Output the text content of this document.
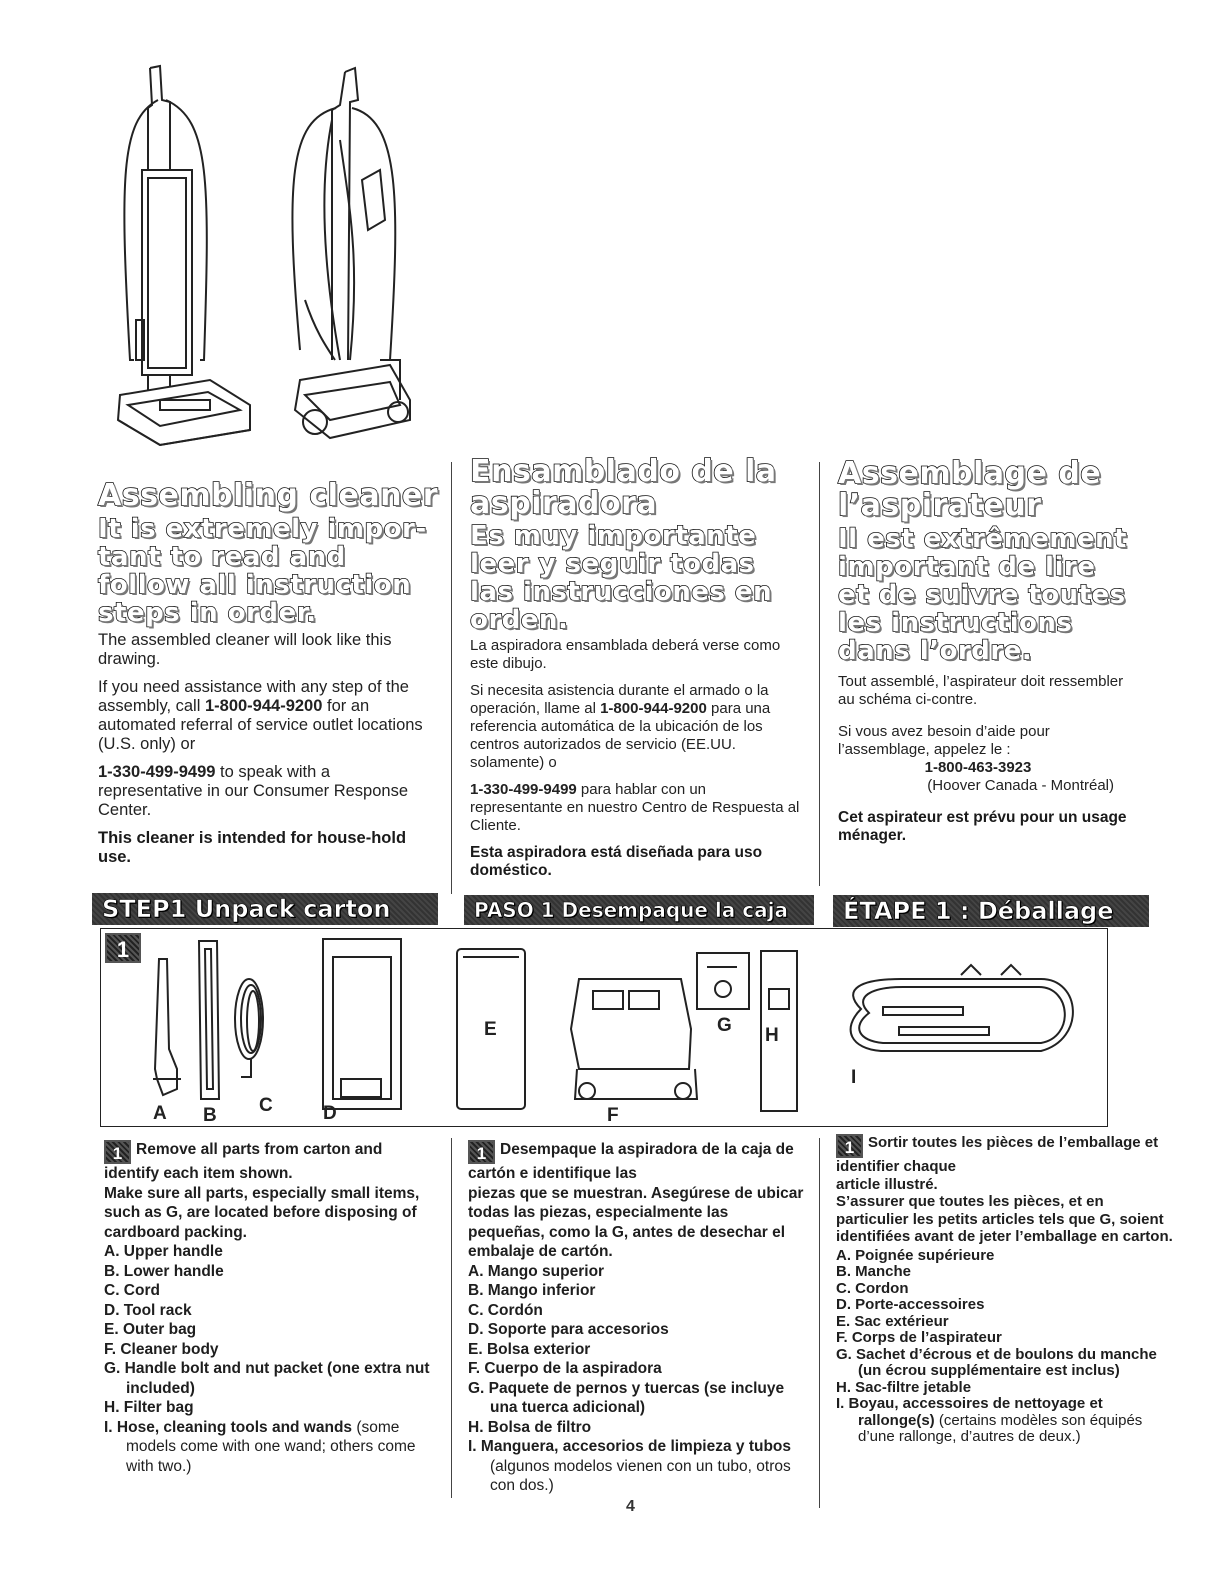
Assembling cleaner
It is extremely impor-tant to read and follow all instruction steps in order.

The assembled cleaner will look like this drawing.

If you need assistance with any step of the assembly, call 1-800-944-9200 for an automated referral of service outlet locations (U.S. only) or

1-330-499-9499 to speak with a representative in our Consumer Response Center.

This cleaner is intended for house-hold use.

Ensamblado de la aspiradora
Es muy importante leer y seguir todas las instrucciones en orden.

La aspiradora ensamblada deberá verse como este dibujo.

Si necesita asistencia durante el armado o la operación, llame al 1-800-944-9200 para una referencia automática de la ubicación de los centros autorizados de servicio (EE.UU. solamente) o

1-330-499-9499 para hablar con un representante en nuestro Centro de Respuesta al Cliente.

Esta aspiradora está diseñada para uso doméstico.

Assemblage de l’aspirateur
Il est extrêmement important de lire et de suivre toutes les instructions dans l’ordre.

Tout assemblé, l’aspirateur doit ressembler au schéma ci-contre.

Si vous avez besoin d’aide pour l’assemblage, appelez le :

1-800-463-3923
(Hoover Canada - Montréal)

Cet aspirateur est prévu pour un usage ménager.

STEP1 Unpack carton	PASO 1 Desempaque la caja ÉTAPE 1 : Déballage
1
A B C	D
E
F
G H
I
1 Remove all parts from carton and identify each item shown.
Make sure all parts, especially small items, such as G, are located before disposing of cardboard packing.
A. Upper handle
B. Lower handle
C. Cord
D. Tool rack
E. Outer bag
F. Cleaner body
G. Handle bolt and nut packet (one extra nut included)
H. Filter bag
I. Hose, cleaning tools and wands (some models come with one wand; others come with two.)
1 Desempaque la aspiradora de la caja de cartón e identifique las
piezas que se muestran. Asegúrese de ubicar todas las piezas, especialmente las pequeñas, como la G, antes de desechar el embalaje de cartón.
A. Mango superior
B. Mango inferior
C. Cordón
D. Soporte para accesorios
E. Bolsa exterior
F. Cuerpo de la aspiradora
G. Paquete de pernos y tuercas (se incluye una tuerca adicional)
H. Bolsa de filtro
I. Manguera, accesorios de limpieza y tubos (algunos modelos vienen con un tubo, otros con dos.)
1 Sortir toutes les pièces de l’emballage et identifier chaque
article illustré.
S’assurer que toutes les pièces, et en particulier les petits articles tels que G, soient identifiées avant de jeter l’emballage en carton.
A. Poignée supérieure
B. Manche
C. Cordon
D. Porte-accessoires
E. Sac extérieur
F. Corps de l’aspirateur
G. Sachet d’écrous et de boulons du manche (un écrou supplémentaire est inclus)
H. Sac-filtre jetable
I. Boyau, accessoires de nettoyage et rallonge(s) (certains modèles son équipés d’une rallonge, d’autres de deux.)
4
